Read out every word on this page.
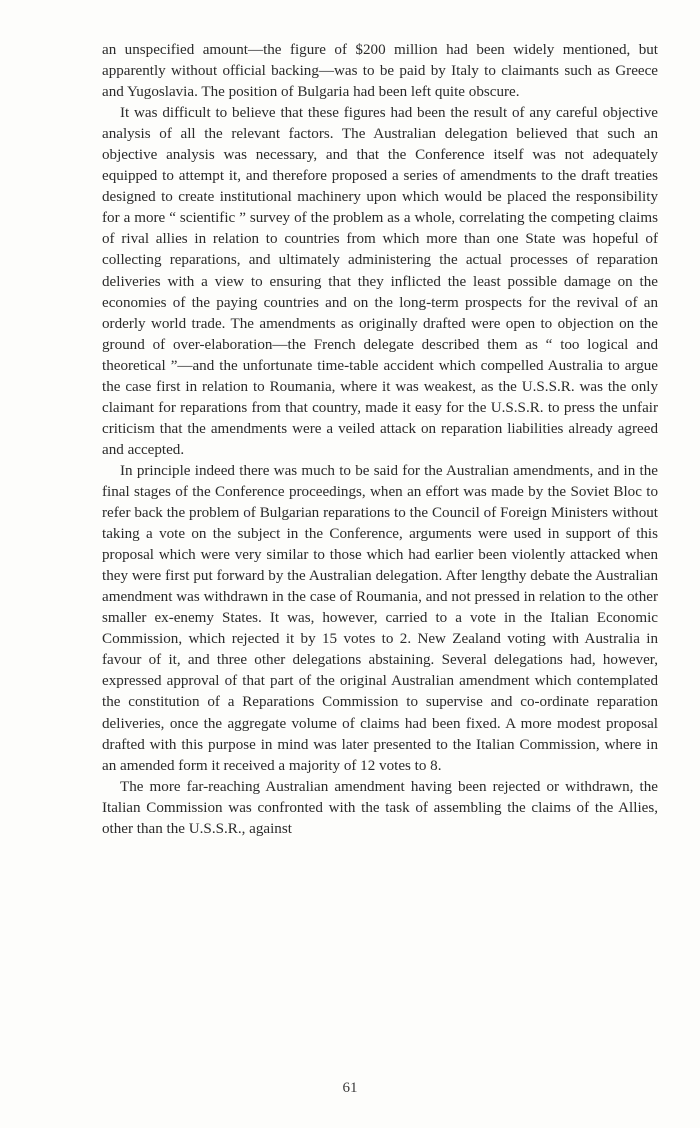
an unspecified amount—the figure of $200 million had been widely mentioned, but apparently without official backing—was to be paid by Italy to claimants such as Greece and Yugoslavia. The position of Bulgaria had been left quite obscure.

It was difficult to believe that these figures had been the result of any careful objective analysis of all the relevant factors. The Australian delegation believed that such an objective analysis was necessary, and that the Conference itself was not adequately equipped to attempt it, and therefore proposed a series of amendments to the draft treaties designed to create institutional machinery upon which would be placed the responsibility for a more “ scientific ” survey of the problem as a whole, correlating the competing claims of rival allies in relation to countries from which more than one State was hopeful of collecting reparations, and ultimately administering the actual processes of reparation deliveries with a view to ensuring that they inflicted the least possible damage on the economies of the paying countries and on the long-term prospects for the revival of an orderly world trade. The amendments as originally drafted were open to objection on the ground of over-elaboration—the French delegate described them as “ too logical and theoretical ”—and the unfortunate time-table accident which compelled Australia to argue the case first in relation to Roumania, where it was weakest, as the U.S.S.R. was the only claimant for reparations from that country, made it easy for the U.S.S.R. to press the unfair criticism that the amendments were a veiled attack on reparation liabilities already agreed and accepted.

In principle indeed there was much to be said for the Australian amendments, and in the final stages of the Conference proceedings, when an effort was made by the Soviet Bloc to refer back the problem of Bulgarian reparations to the Council of Foreign Ministers without taking a vote on the subject in the Conference, arguments were used in support of this proposal which were very similar to those which had earlier been violently attacked when they were first put forward by the Australian delegation. After lengthy debate the Australian amendment was withdrawn in the case of Roumania, and not pressed in relation to the other smaller ex-enemy States. It was, however, carried to a vote in the Italian Economic Commission, which rejected it by 15 votes to 2. New Zealand voting with Australia in favour of it, and three other delegations abstaining. Several delegations had, however, expressed approval of that part of the original Australian amendment which contemplated the constitution of a Reparations Commission to supervise and co-ordinate reparation deliveries, once the aggregate volume of claims had been fixed. A more modest proposal drafted with this purpose in mind was later presented to the Italian Commission, where in an amended form it received a majority of 12 votes to 8.

The more far-reaching Australian amendment having been rejected or withdrawn, the Italian Commission was confronted with the task of assembling the claims of the Allies, other than the U.S.S.R., against

61
